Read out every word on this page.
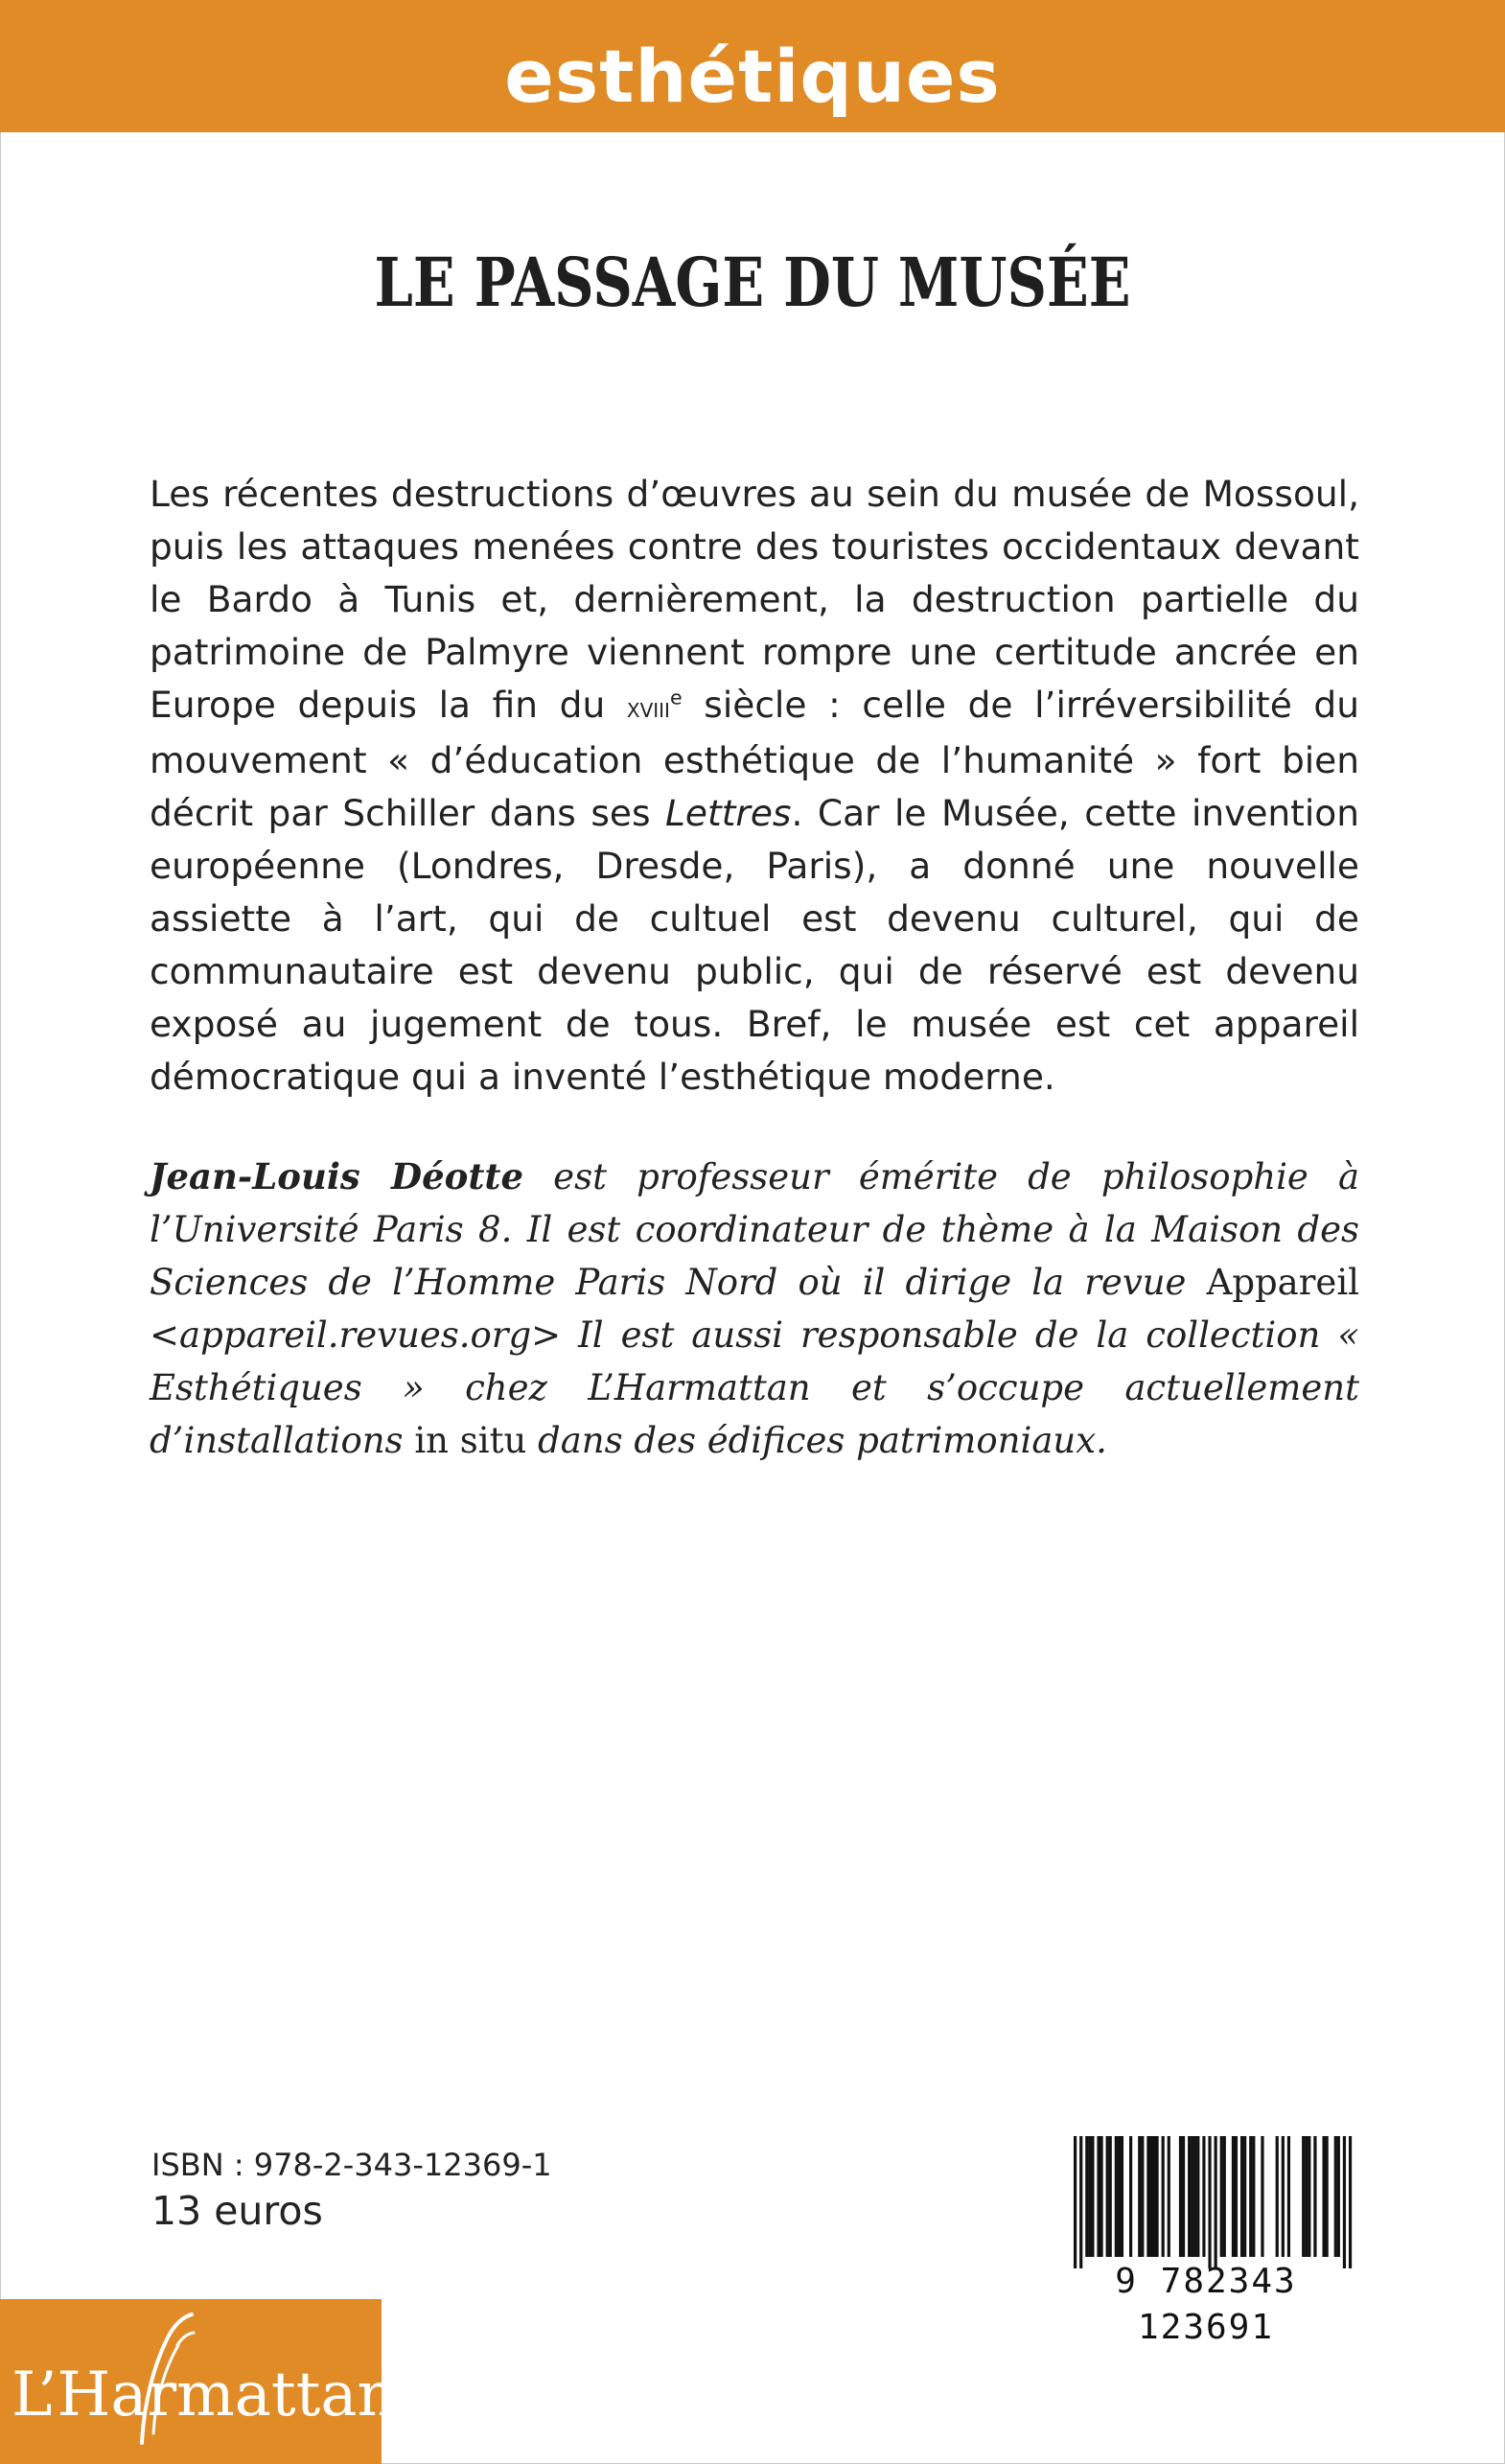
esthétiques
LE PASSAGE DU MUSÉE

Les récentes destructions d’œuvres au sein du musée de Mossoul, puis les attaques menées contre des touristes occidentaux devant le Bardo à Tunis et, dernièrement, la destruction partielle du patrimoine de Palmyre viennent rompre une certitude ancrée en Europe depuis la fin du xviii$^e$ siècle : celle de l’irréversibilité du mouvement « d’éducation esthétique de l’humanité » fort bien décrit par Schiller dans ses Lettres. Car le Musée, cette invention européenne (Londres, Dresde, Paris), a donné une nouvelle assiette à l’art, qui de cultuel est devenu culturel, qui de communautaire est devenu public, qui de réservé est devenu exposé au jugement de tous. Bref, le musée est cet appareil démocratique qui a inventé l’esthétique moderne.

Jean-Louis Déotte est professeur émérite de philosophie à l’Université Paris 8. Il est coordinateur de thème à la Maison des Sciences de l’Homme Paris Nord où il dirige la revue Appareil <appareil.revues.org> Il est aussi responsable de la collection « Esthétiques » chez L’Harmattan et s’occupe actuellement d’installations in situ dans des édifices patrimoniaux.

ISBN : 978-2-343-12369-1
13 euros
9 782343 123691
L’Harmattan
